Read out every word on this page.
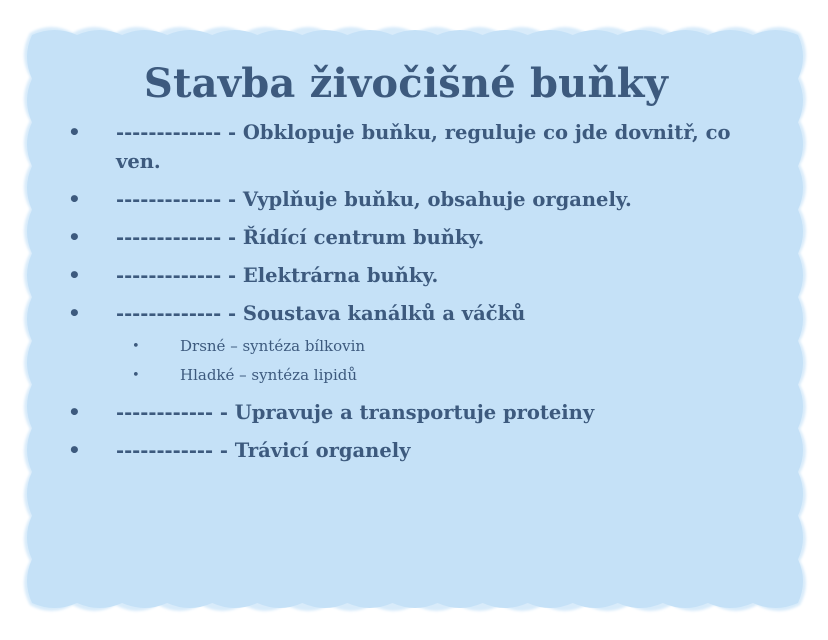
Stavba živočišné buňky
• ------------- - Obklopuje buňku, reguluje co jde dovnitř, co ven.
• ------------- - Vyplňuje buňku, obsahuje organely.
• ------------- - Řídící centrum buňky.
• ------------- - Elektrárna buňky.
• ------------- - Soustava kanálků a váčků
•	Drsné – syntéza bílkovin
•	Hladké – syntéza lipidů
• ------------ - Upravuje a transportuje proteiny
• ------------ - Trávicí organely
